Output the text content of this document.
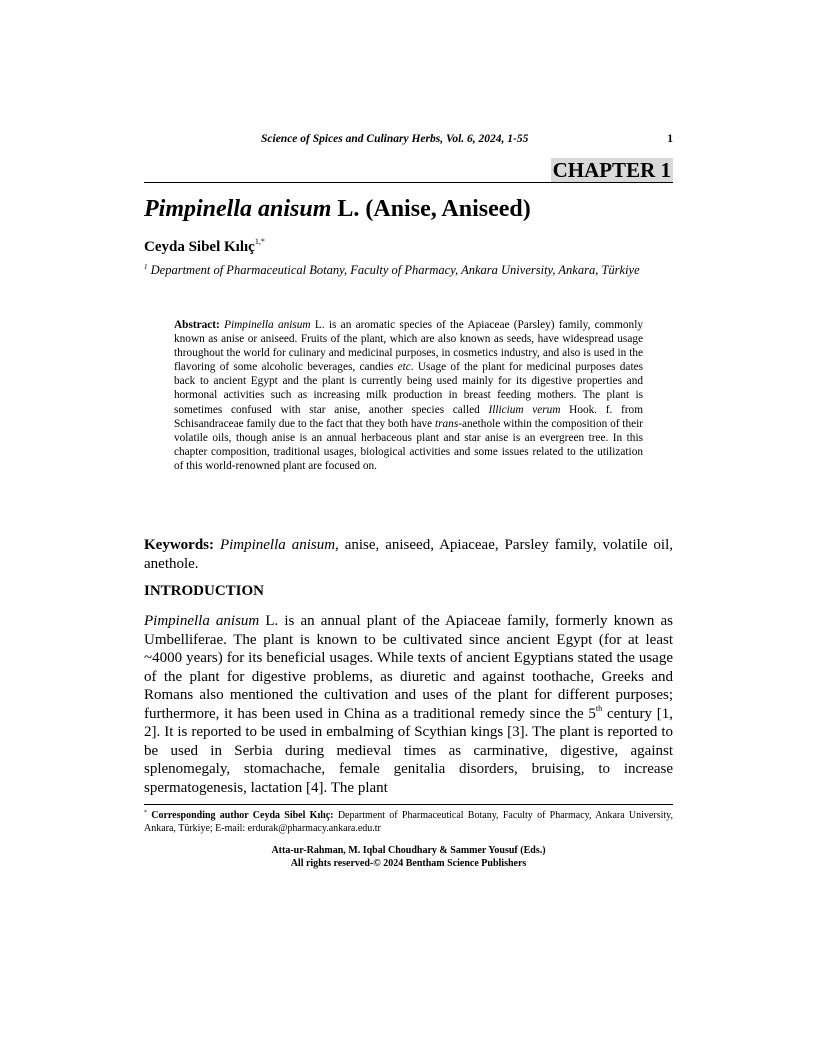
Science of Spices and Culinary Herbs, Vol. 6, 2024, 1-55	1
CHAPTER 1
Pimpinella anisum L. (Anise, Aniseed)
Ceyda Sibel Kılıç$^{1,*}$
$^1$ Department of Pharmaceutical Botany, Faculty of Pharmacy, Ankara University, Ankara, Türkiye
Abstract: Pimpinella anisum L. is an aromatic species of the Apiaceae (Parsley) family, commonly known as anise or aniseed. Fruits of the plant, which are also known as seeds, have widespread usage throughout the world for culinary and medicinal purposes, in cosmetics industry, and also is used in the flavoring of some alcoholic beverages, candies etc. Usage of the plant for medicinal purposes dates back to ancient Egypt and the plant is currently being used mainly for its digestive properties and hormonal activities such as increasing milk production in breast feeding mothers. The plant is sometimes confused with star anise, another species called Illicium verum Hook. f. from Schisandraceae family due to the fact that they both have trans-anethole within the composition of their volatile oils, though anise is an annual herbaceous plant and star anise is an evergreen tree. In this chapter composition, traditional usages, biological activities and some issues related to the utilization of this world-renowned plant are focused on.
Keywords: Pimpinella anisum, anise, aniseed, Apiaceae, Parsley family, volatile oil, anethole.
INTRODUCTION
Pimpinella anisum L. is an annual plant of the Apiaceae family, formerly known as Umbelliferae. The plant is known to be cultivated since ancient Egypt (for at least ~4000 years) for its beneficial usages. While texts of ancient Egyptians stated the usage of the plant for digestive problems, as diuretic and against toothache, Greeks and Romans also mentioned the cultivation and uses of the plant for different purposes; furthermore, it has been used in China as a traditional remedy since the 5th century [1, 2]. It is reported to be used in embalming of Scythian kings [3]. The plant is reported to be used in Serbia during medieval times as carminative, digestive, against splenomegaly, stomachache, female genitalia disorders, bruising, to increase spermatogenesis, lactation [4]. The plant
* Corresponding author Ceyda Sibel Kılıç: Department of Pharmaceutical Botany, Faculty of Pharmacy, Ankara University, Ankara, Türkiye; E-mail: erdurak@pharmacy.ankara.edu.tr
Atta-ur-Rahman, M. Iqbal Choudhary & Sammer Yousuf (Eds.)
All rights reserved-© 2024 Bentham Science Publishers
